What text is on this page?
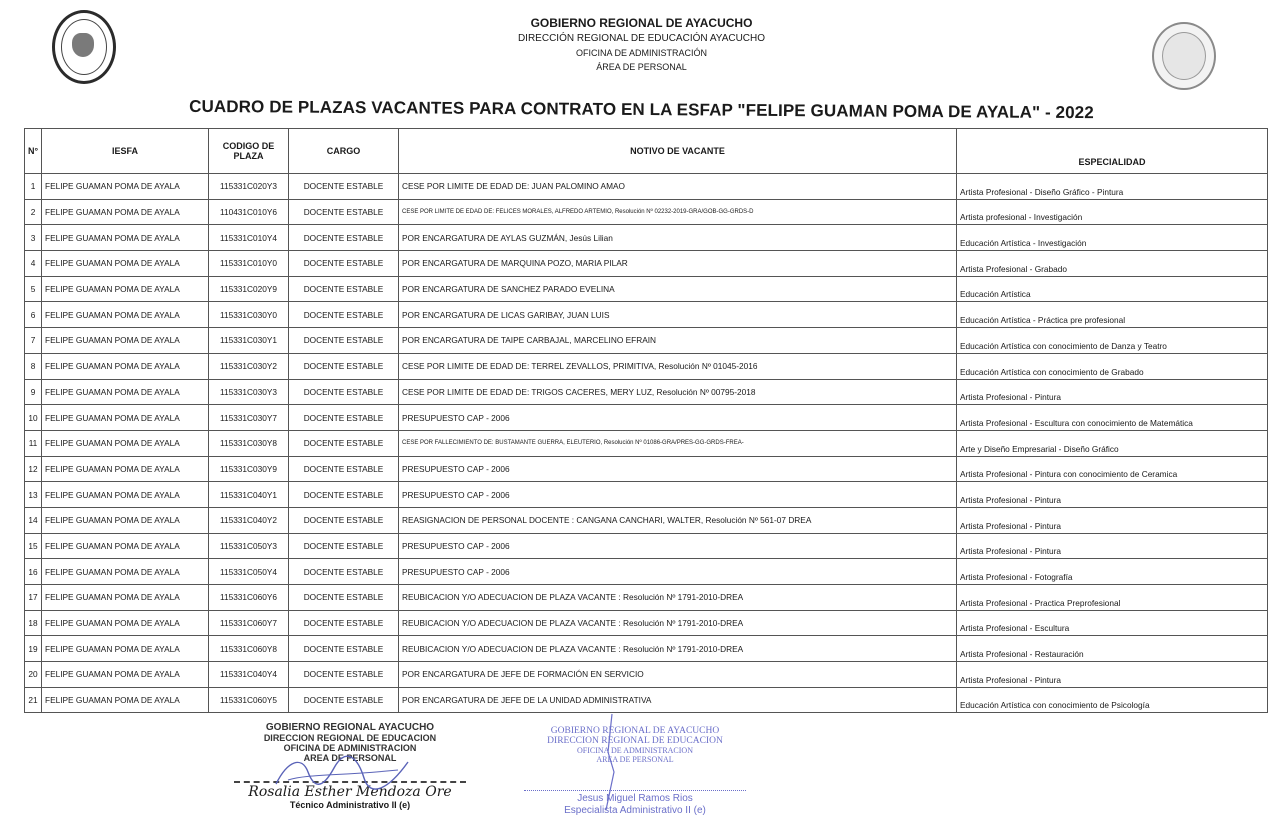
GOBIERNO REGIONAL DE AYACUCHO
DIRECCIÓN REGIONAL DE EDUCACIÓN AYACUCHO
OFICINA DE ADMINISTRACIÓN
ÁREA DE PERSONAL
CUADRO DE PLAZAS VACANTES PARA CONTRATO EN LA ESFAP "FELIPE GUAMAN POMA DE AYALA" - 2022
N°	IESFA	CODIGO DE PLAZA	CARGO	NOTIVO DE VACANTE	ESPECIALIDAD
1	FELIPE GUAMAN POMA DE AYALA	115331C020Y3	DOCENTE ESTABLE	CESE POR LIMITE DE EDAD DE: JUAN PALOMINO AMAO	Artista Profesional - Diseño Gráfico - Pintura
2	FELIPE GUAMAN POMA DE AYALA	110431C010Y6	DOCENTE ESTABLE	CESE POR LIMITE DE EDAD DE: FELICES MORALES, ALFREDO ARTEMIO, Resolución Nº 02232-2019-GRA/GOB-GG-GRDS-D	Artista profesional - Investigación
3	FELIPE GUAMAN POMA DE AYALA	115331C010Y4	DOCENTE ESTABLE	POR ENCARGATURA DE AYLAS GUZMÁN, Jesús Lilian	Educación Artística - Investigación
4	FELIPE GUAMAN POMA DE AYALA	115331C010Y0	DOCENTE ESTABLE	POR ENCARGATURA DE MARQUINA POZO, MARIA PILAR	Artista Profesional - Grabado
5	FELIPE GUAMAN POMA DE AYALA	115331C020Y9	DOCENTE ESTABLE	POR ENCARGATURA DE SANCHEZ PARADO EVELINA	Educación Artística
6	FELIPE GUAMAN POMA DE AYALA	115331C030Y0	DOCENTE ESTABLE	POR ENCARGATURA DE LICAS GARIBAY, JUAN LUIS	Educación Artística - Práctica pre profesional
7	FELIPE GUAMAN POMA DE AYALA	115331C030Y1	DOCENTE ESTABLE	POR ENCARGATURA DE TAIPE CARBAJAL, MARCELINO EFRAIN	Educación Artística con conocimiento de Danza y Teatro
8	FELIPE GUAMAN POMA DE AYALA	115331C030Y2	DOCENTE ESTABLE	CESE POR LIMITE DE EDAD DE: TERREL ZEVALLOS, PRIMITIVA, Resolución Nº 01045-2016	Educación Artística con conocimiento de Grabado
9	FELIPE GUAMAN POMA DE AYALA	115331C030Y3	DOCENTE ESTABLE	CESE POR LIMITE DE EDAD DE: TRIGOS CACERES, MERY LUZ, Resolución Nº 00795-2018	Artista Profesional - Pintura
10	FELIPE GUAMAN POMA DE AYALA	115331C030Y7	DOCENTE ESTABLE	PRESUPUESTO CAP - 2006	Artista Profesional - Escultura con conocimiento de Matemática
11	FELIPE GUAMAN POMA DE AYALA	115331C030Y8	DOCENTE ESTABLE	CESE POR FALLECIMIENTO DE: BUSTAMANTE GUERRA, ELEUTERIO, Resolución Nº 01086-GRA/PRES-GG-GRDS-FREA-	Arte y Diseño Empresarial - Diseño Gráfico
12	FELIPE GUAMAN POMA DE AYALA	115331C030Y9	DOCENTE ESTABLE	PRESUPUESTO CAP - 2006	Artista Profesional - Pintura con conocimiento de Ceramica
13	FELIPE GUAMAN POMA DE AYALA	115331C040Y1	DOCENTE ESTABLE	PRESUPUESTO CAP - 2006	Artista Profesional - Pintura
14	FELIPE GUAMAN POMA DE AYALA	115331C040Y2	DOCENTE ESTABLE	REASIGNACION DE PERSONAL DOCENTE : CANGANA CANCHARI, WALTER, Resolución Nº 561-07 DREA	Artista Profesional - Pintura
15	FELIPE GUAMAN POMA DE AYALA	115331C050Y3	DOCENTE ESTABLE	PRESUPUESTO CAP - 2006	Artista Profesional - Pintura
16	FELIPE GUAMAN POMA DE AYALA	115331C050Y4	DOCENTE ESTABLE	PRESUPUESTO CAP - 2006	Artista Profesional - Fotografía
17	FELIPE GUAMAN POMA DE AYALA	115331C060Y6	DOCENTE ESTABLE	REUBICACION Y/O ADECUACION DE PLAZA VACANTE : Resolución Nº 1791-2010-DREA	Artista Profesional - Practica Preprofesional
18	FELIPE GUAMAN POMA DE AYALA	115331C060Y7	DOCENTE ESTABLE	REUBICACION Y/O ADECUACION DE PLAZA VACANTE : Resolución Nº 1791-2010-DREA	Artista Profesional - Escultura
19	FELIPE GUAMAN POMA DE AYALA	115331C060Y8	DOCENTE ESTABLE	REUBICACION Y/O ADECUACION DE PLAZA VACANTE : Resolución Nº 1791-2010-DREA	Artista Profesional - Restauración
20	FELIPE GUAMAN POMA DE AYALA	115331C040Y4	DOCENTE ESTABLE	POR ENCARGATURA DE JEFE DE FORMACIÓN EN SERVICIO	Artista Profesional - Pintura
21	FELIPE GUAMAN POMA DE AYALA	115331C060Y5	DOCENTE ESTABLE	POR ENCARGATURA DE JEFE DE LA UNIDAD ADMINISTRATIVA	Educación Artística con conocimiento de Psicología
GOBIERNO REGIONAL AYACUCHO
DIRECCION REGIONAL DE EDUCACION
OFICINA DE ADMINISTRACION
AREA DE PERSONAL
Rosalia Esther Mendoza Ore
Técnico Administrativo II (e)
GOBIERNO REGIONAL DE AYACUCHO
DIRECCION REGIONAL DE EDUCACION
OFICINA DE ADMINISTRACION
AREA DE PERSONAL
Jesus Miguel Ramos Rios
Especialista Administrativo II (e)
